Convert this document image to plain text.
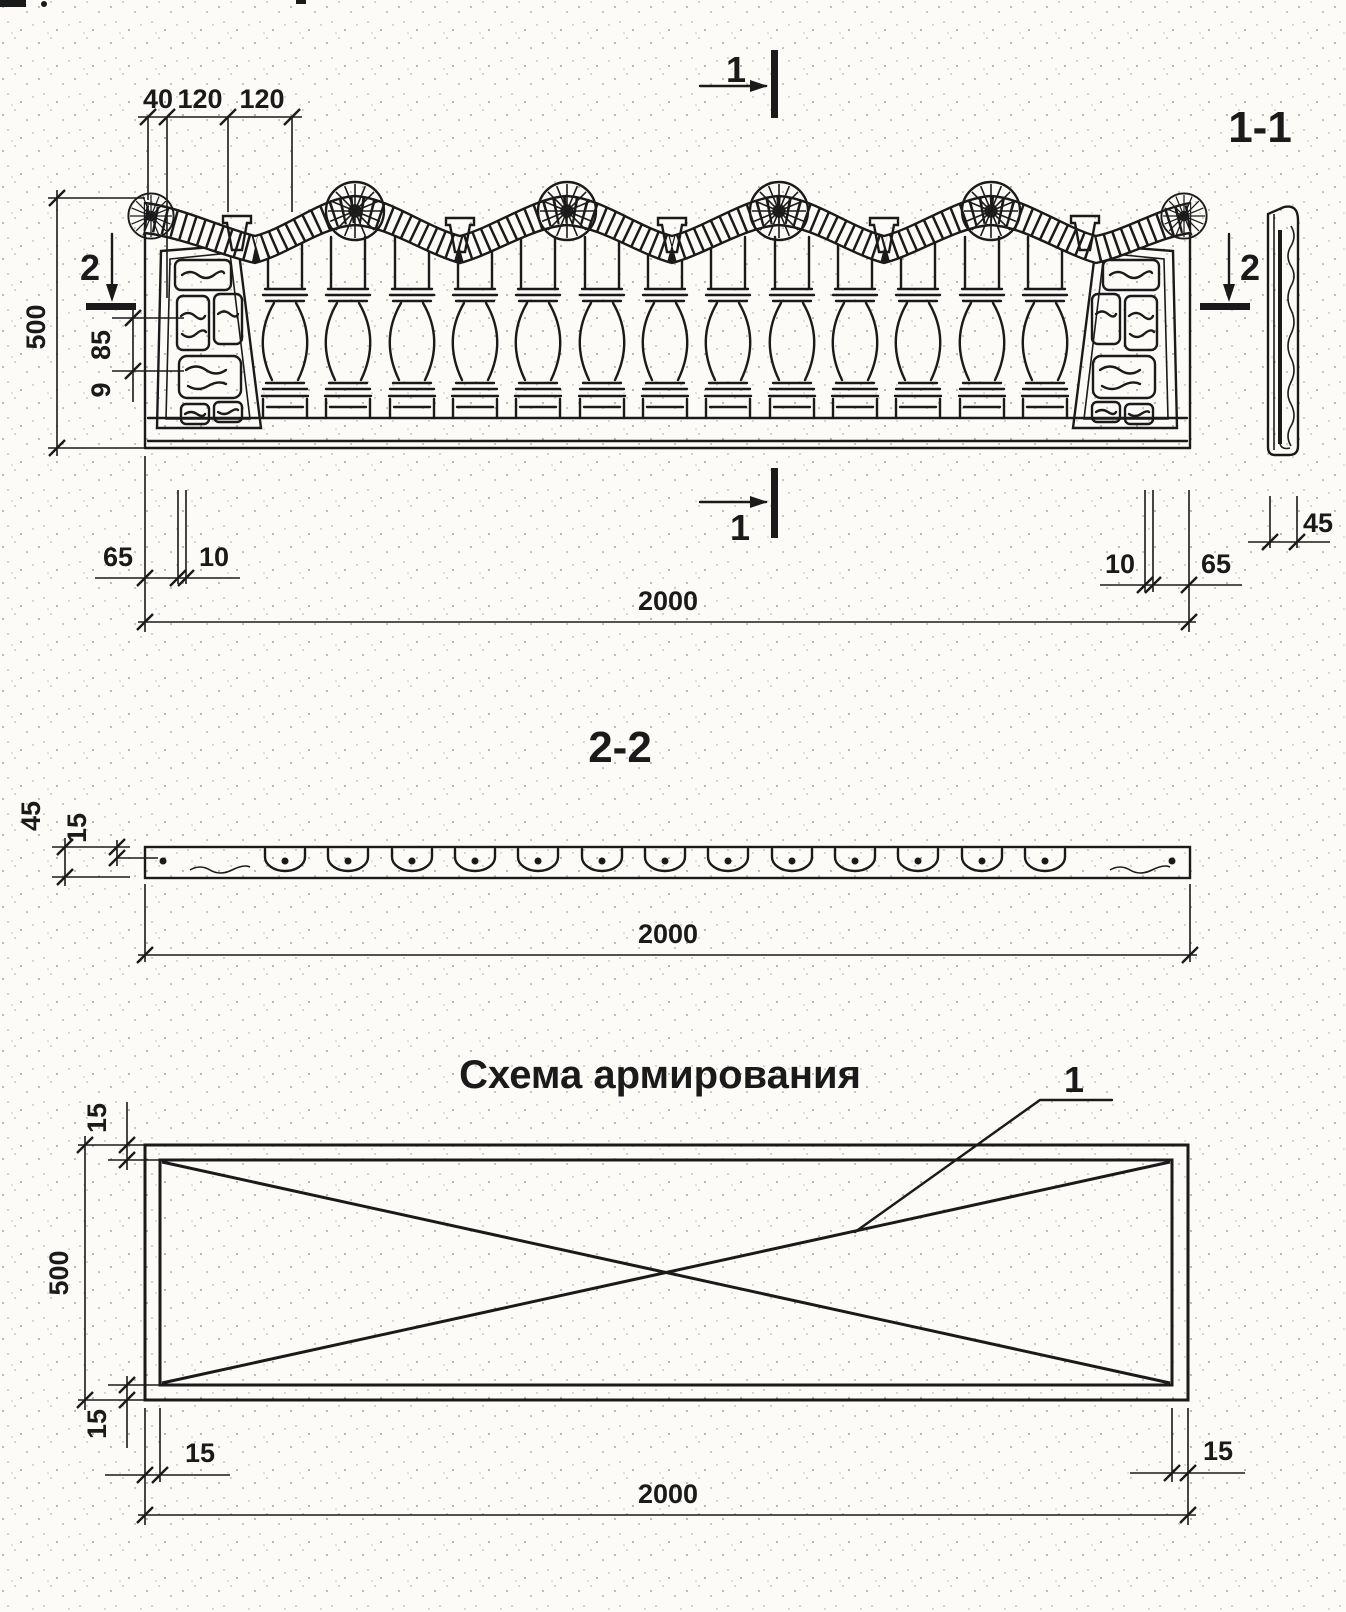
1
1
2	2
40 120 120
500 85
9
65 10	10 65
2000
1-1
45
2-2
45 15
2000
Схема армирования	1
15
500
15
15	15
2000
